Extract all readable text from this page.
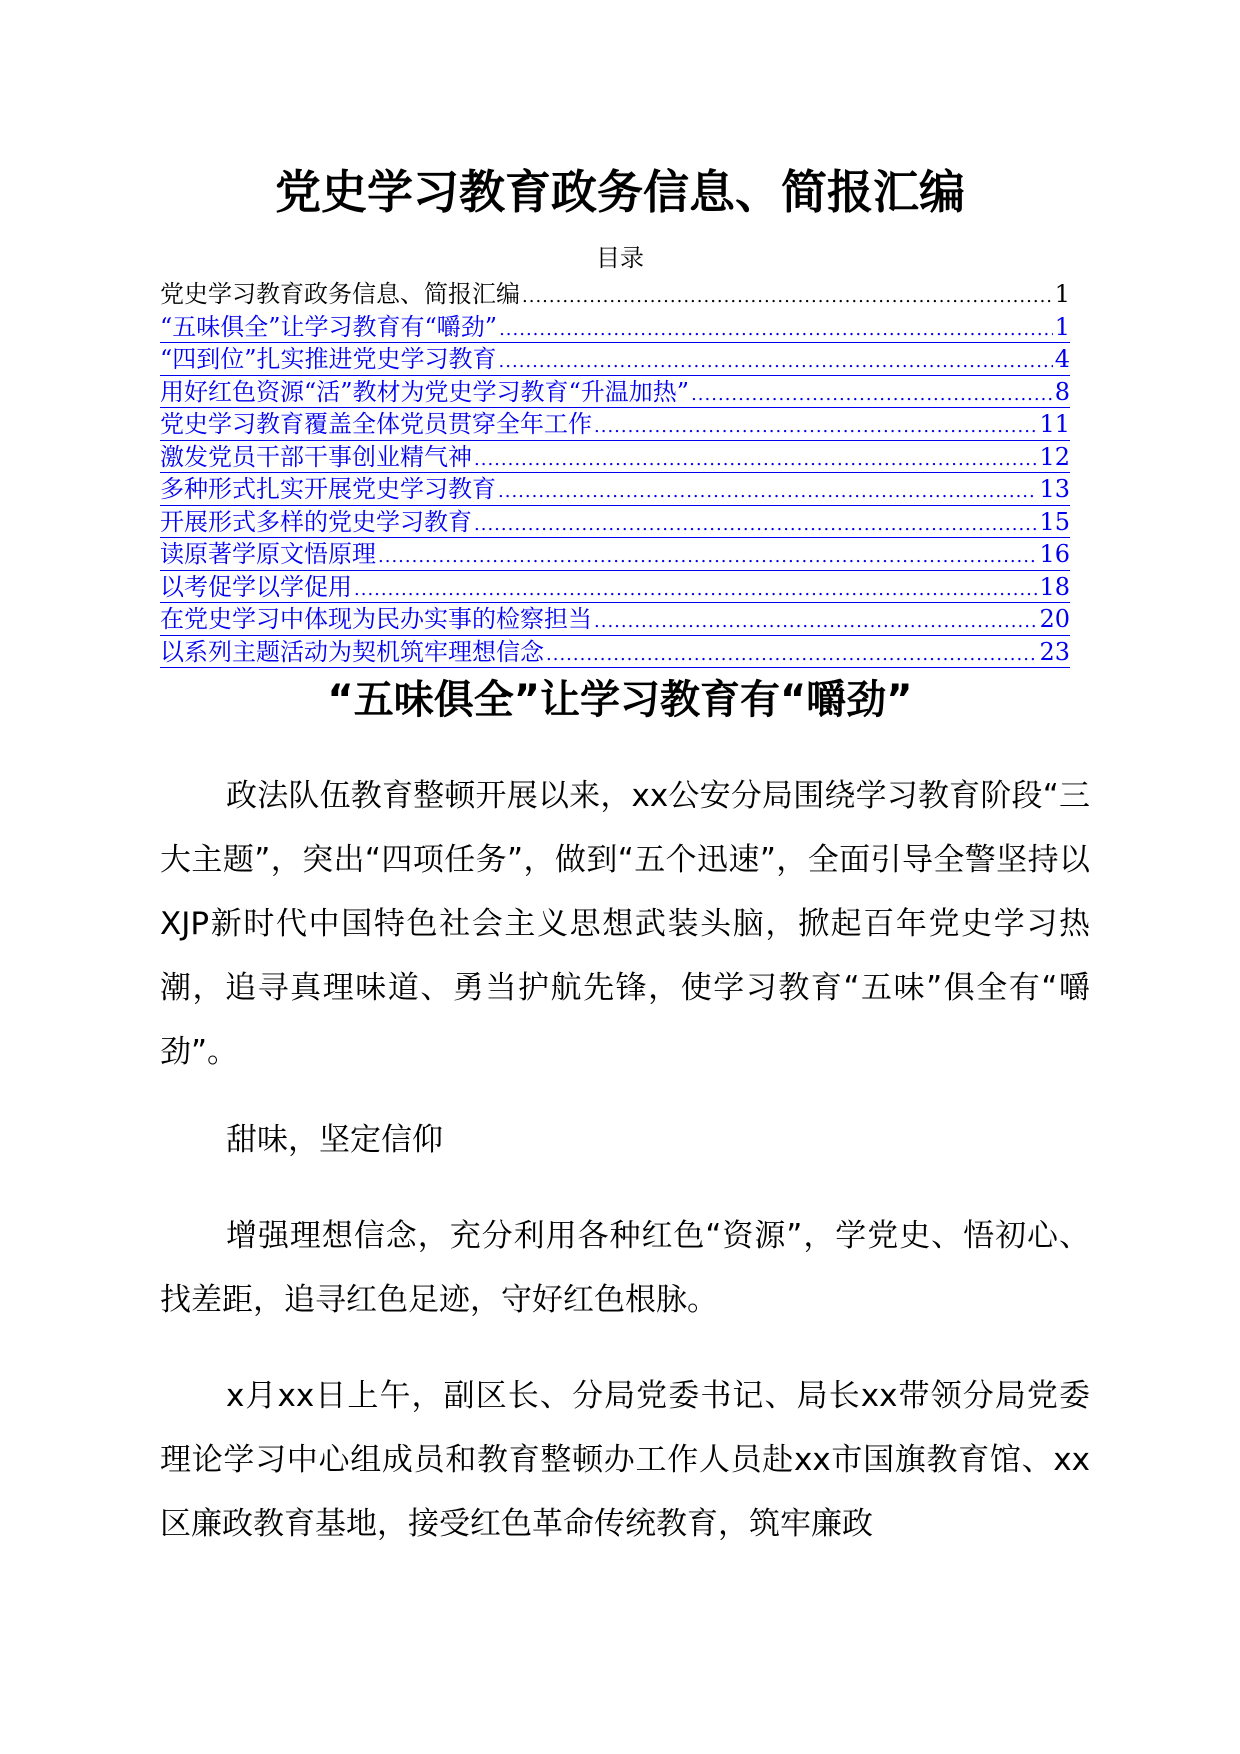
党史学习教育政务信息、简报汇编
目录
党史学习教育政务信息、简报汇编 .....	1
“五味俱全”让学习教育有“嚼劲” .....	1
“四到位”扎实推进党史学习教育 .....	4
用好红色资源“活”教材为党史学习教育“升温加热” .....	8
党史学习教育覆盖全体党员贯穿全年工作 .....	11
激发党员干部干事创业精气神 .....	12
多种形式扎实开展党史学习教育 .....	13
开展形式多样的党史学习教育 .....	15
读原著学原文悟原理 .....	16
以考促学以学促用 .....	18
在党史学习中体现为民办实事的检察担当 .....	20
以系列主题活动为契机筑牢理想信念 .....	23
“五味俱全”让学习教育有“嚼劲”

政法队伍教育整顿开展以来，xx公安分局围绕学习教育阶段“三大主题”，突出“四项任务”，做到“五个迅速”，全面引导全警坚持以XJP新时代中国特色社会主义思想武装头脑，掀起百年党史学习热潮，追寻真理味道、勇当护航先锋，使学习教育“五味”俱全有“嚼劲”。

甜味，坚定信仰

增强理想信念，充分利用各种红色“资源”，学党史、悟初心、找差距，追寻红色足迹，守好红色根脉。

x月xx日上午，副区长、分局党委书记、局长xx带领分局党委理论学习中心组成员和教育整顿办工作人员赴xx市国旗教育馆、xx区廉政教育基地，接受红色革命传统教育，筑牢廉政
